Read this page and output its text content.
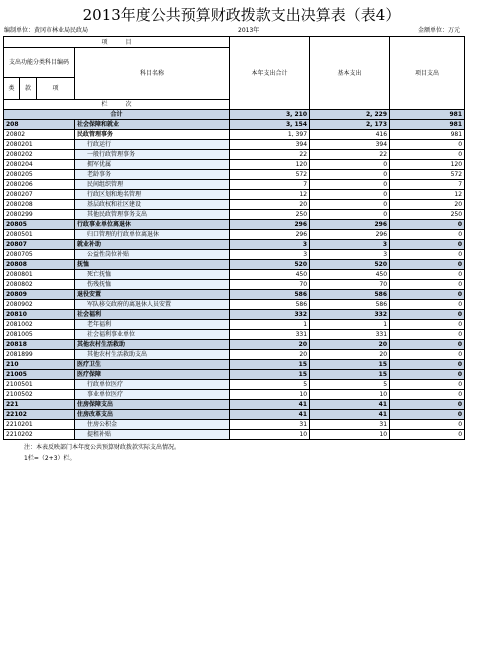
2013年度公共预算财政拨款支出决算表（表4）
编制单位：黄冈市林业局民政局	2013年	金额单位：万元
项　　　目				本年支出合计	基本支出	项目支出	
支出功能分类科目编码			科目名称				
类	款	项					
栏　　　次			
合计				3, 210	2, 229	981	
208			社会保障和就业	3, 154	2, 173	981	
20802			民政管理事务	1, 397	416	981	
2080201			行政运行	394	394	0	
2080202			一般行政管理事务	22	22	0	
2080204			拥军优属	120	0	120	
2080205			老龄事务	572	0	572	
2080206			民间组织管理	7	0	7	
2080207			行政区划和地名管理	12	0	12	
2080208			基层政权和社区建设	20	0	20	
2080299			其他民政管理事务支出	250	0	250	
20805			行政事业单位离退休	296	296	0	
2080501			归口管理的行政单位离退休	296	296	0	
20807			就业补助	3	3	0	
2080705			公益性岗位补贴	3	3	0	
20808			抚恤	520	520	0	
2080801			死亡抚恤	450	450	0	
2080802			伤残抚恤	70	70	0	
20809			退役安置	586	586	0	
2080902			军队移交政府的离退休人员安置	586	586	0	
20810			社会福利	332	332	0	
2081002			老年福利	1	1	0	
2081005			社会福利事业单位	331	331	0	
20818			其他农村生活救助	20	20	0	
2081899			其他农村生活救助支出	20	20	0	
210			医疗卫生	15	15	0	
21005			医疗保障	15	15	0	
2100501			行政单位医疗	5	5	0	
2100502			事业单位医疗	10	10	0	
221			住房保障支出	41	41	0	
22102			住房改革支出	41	41	0	
2210201			住房公积金	31	31	0	
2210202			提租补贴	10	10	0	
注：本表反映部门本年度公共预算财政拨款实际支出情况。
1栏=（2+3）栏。
